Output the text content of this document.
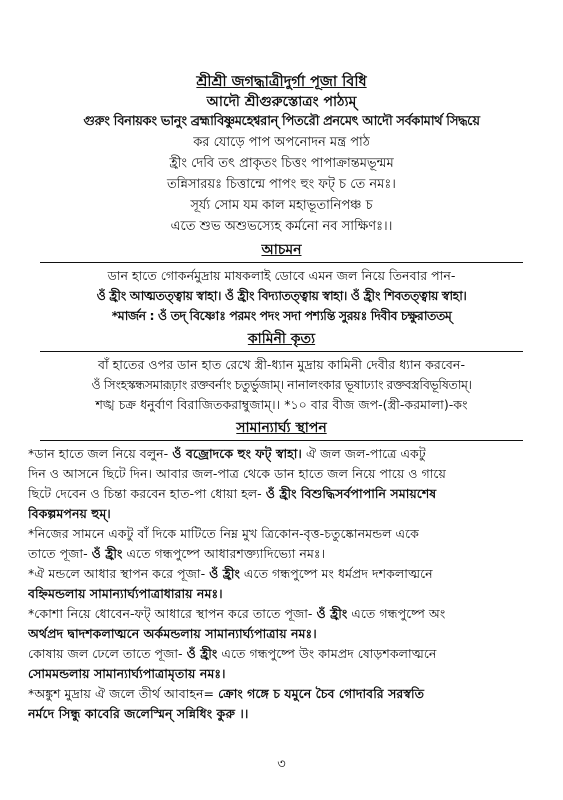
শ্রীশ্রী জগদ্ধাত্রীদুর্গা পূজা বিধি
আদৌ শ্রীগুরুস্তোত্রং পাঠ্যম্
গুরুং বিনায়কং ভানুং ব্রহ্মাবিষ্ণুমহেশ্বরান্ পিতরৌ প্রনমেৎ আদৌ সর্বকামার্থ সিদ্ধয়ে
কর যোড়ে পাপ অপনোদন মন্ত্র পাঠ
হ্রীং দেবি তৎ প্রাকৃতং চিত্তং পাপাক্রান্তমভূন্মম
তন্নিসারয়ঃ চিত্তান্মে পাপং হুং ফট্ চ তে নমঃ।
সূর্য্য সোম যম কাল মহাভূতানিপঞ্চ চ
এতে শুভ অশুভস্যেহ কর্মনো নব সাক্ষিণঃ।।
আচমন
ডান হাতে গোকর্নমুদ্রায় মাষকলাই ডোবে এমন জল নিয়ে তিনবার পান-
ওঁ হ্রীং আত্মতত্ত্বায় স্বাহা। ওঁ হ্রীং বিদ্যাতত্ত্বায় স্বাহা। ওঁ হ্রীং শিবতত্ত্বায় স্বাহা।
*মার্জন : ওঁ তদ্ বিষ্ণোঃ পরমং পদং সদা পশ্যন্তি সুরয়ঃ দিবীব চক্ষুরাততম্
কামিনী কৃত্য
বাঁ হাতের ওপর ডান হাত রেখে স্ত্রী-ধ্যান মুদ্রায় কামিনী দেবীর ধ্যান করবেন-
ওঁ সিংহস্কন্ধসমারূঢ়াং রক্তবর্নাং চতুর্ভুজাম্। নানালংকার ভূষাঢ্যাং রক্তবস্ত্রবিভূষিতাম্।
শঙ্খ চক্র ধনুর্বাণ বিরাজিতকরাম্বুজাম্।। *১০ বার বীজ জপ-(স্ত্রী-করমালা)-কং
সামান্যার্ঘ্য স্থাপন
*ডান হাতে জল নিয়ে বলুন- ওঁ বজ্রোদকে হুং ফট্ স্বাহা। ঐ জল জল-পাত্রে একটু
দিন ও আসনে ছিটে দিন। আবার জল-পাত্র থেকে ডান হাতে জল নিয়ে পায়ে ও গায়ে
ছিটে দেবেন ও চিন্তা করবেন হাত-পা ধোয়া হল- ওঁ হ্রীং বিশুদ্ধিসর্বপাপানি সমায়শেষ
বিকল্পমপনয় হুম্।
*নিজের সামনে একটু বাঁ দিকে মাটিতে নিম্ন মুখ ত্রিকোন-বৃত্ত-চতুষ্কোনমন্ডল একে
তাতে পূজা- ওঁ হ্রীং এতে গন্ধপুষ্পে আধারশক্ত্যাদিভ্যো নমঃ।
*ঐ মন্ডলে আধার স্থাপন করে পূজা- ওঁ হ্রীং এতে গন্ধপুষ্পে মং ধর্মপ্রদ দশকলাত্মনে
বহ্নিমন্ডলায় সামান্যার্ঘ্যপাত্রাধারায় নমঃ।
*কোশা নিয়ে ধোবেন-ফট্ আধারে স্থাপন করে তাতে পূজা- ওঁ হ্রীং এতে গন্ধপুষ্পে অং
অর্থপ্রদ দ্বাদশকলাত্মনে অর্কমন্ডলায় সামান্যার্ঘ্যপাত্রায় নমঃ।
কোষায় জল ঢেলে তাতে পূজা- ওঁ হ্রীং এতে গন্ধপুষ্পে উং কামপ্রদ ষোড়শকলাত্মনে
সোমমন্ডলায় সামান্যার্ঘ্যপাত্রামৃতায় নমঃ।
*অঙ্কুশ মুদ্রায় ঐ জলে তীর্থ আবাহন= ক্রোং গঙ্গে চ যমুনে চৈব গোদাবরি সরস্বতি
নর্মদে সিন্ধু কাবেরি জলেস্মিন্ সন্নিধিং কুরু ।।
৩
